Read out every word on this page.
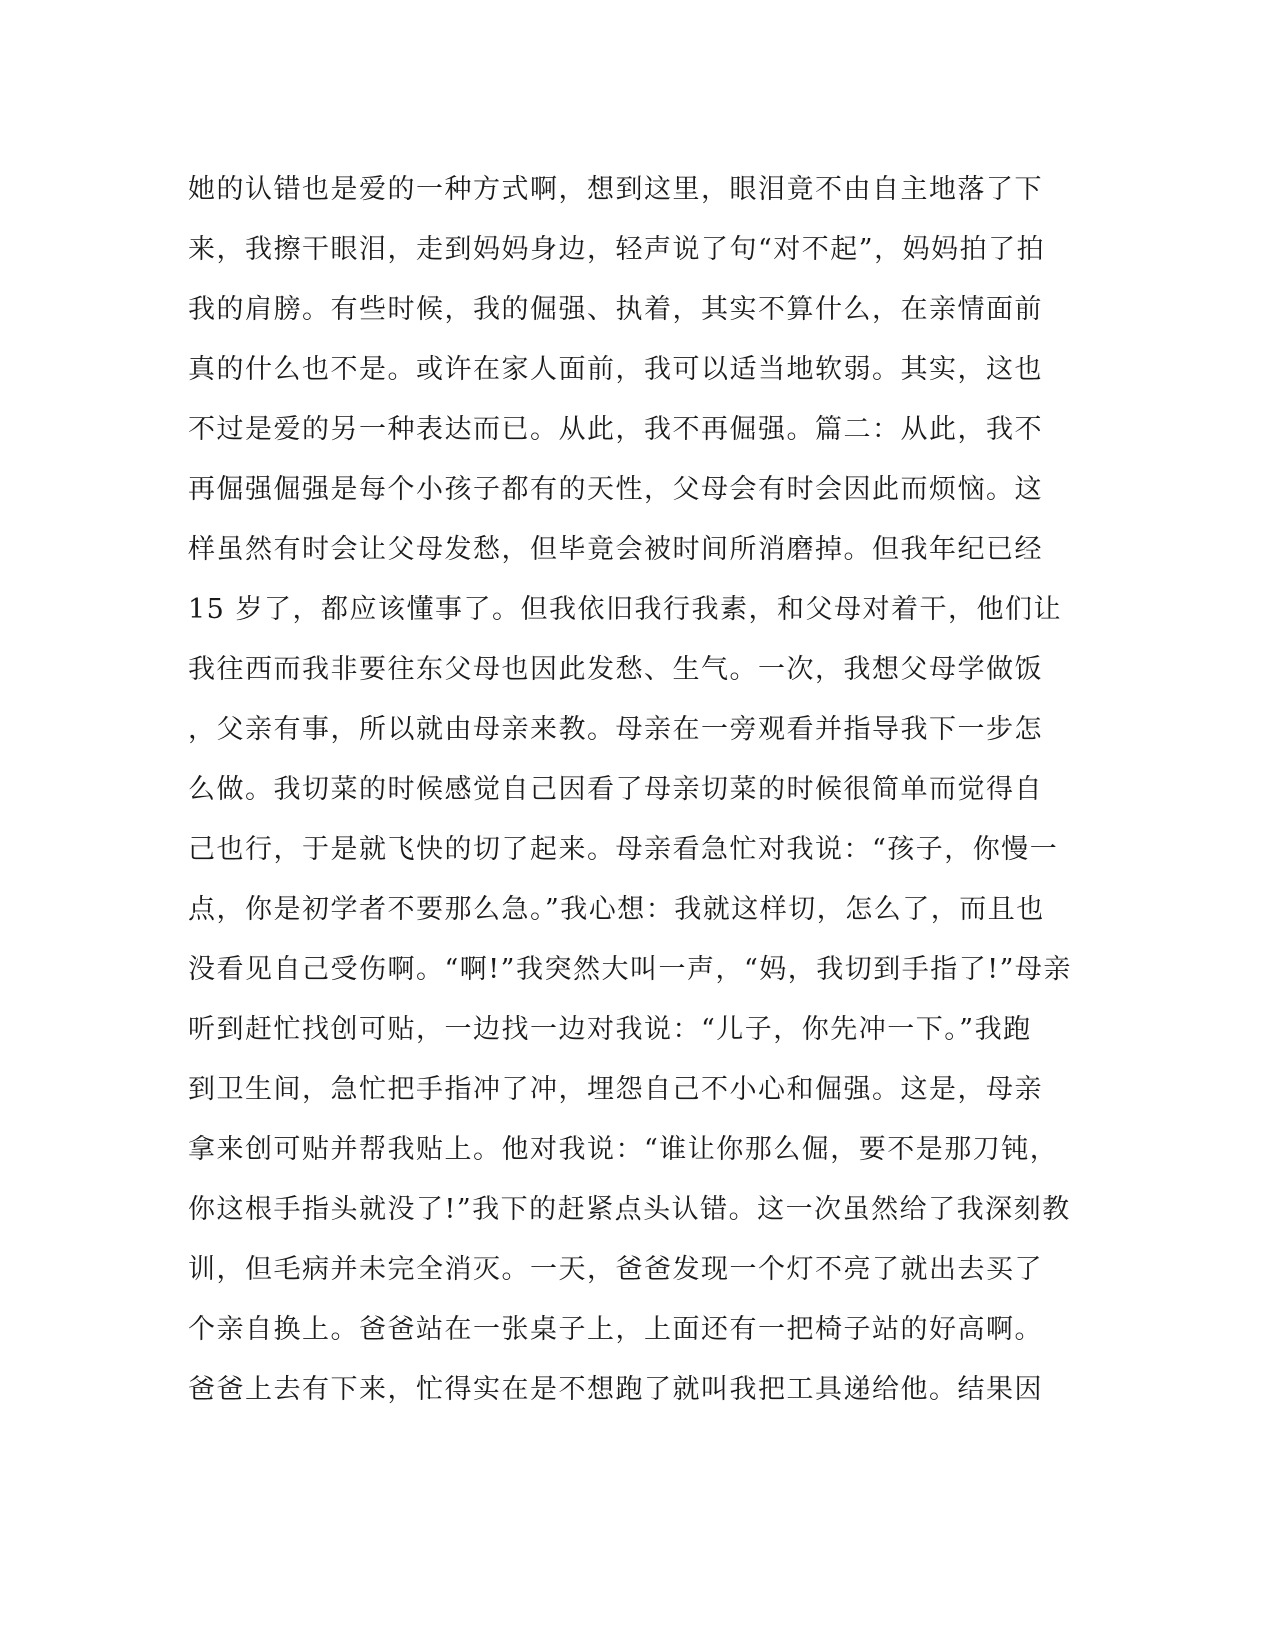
她的认错也是爱的一种方式啊，想到这里，眼泪竟不由自主地落了下
来，我擦干眼泪，走到妈妈身边，轻声说了句“对不起”，妈妈拍了拍
我的肩膀。有些时候，我的倔强、执着，其实不算什么，在亲情面前
真的什么也不是。或许在家人面前，我可以适当地软弱。其实，这也
不过是爱的另一种表达而已。从此，我不再倔强。篇二：从此，我不
再倔强倔强是每个小孩子都有的天性，父母会有时会因此而烦恼。这
样虽然有时会让父母发愁，但毕竟会被时间所消磨掉。但我年纪已经
15 岁了，都应该懂事了。但我依旧我行我素，和父母对着干，他们让
我往西而我非要往东父母也因此发愁、生气。一次，我想父母学做饭
，父亲有事，所以就由母亲来教。母亲在一旁观看并指导我下一步怎
么做。我切菜的时候感觉自己因看了母亲切菜的时候很简单而觉得自
己也行，于是就飞快的切了起来。母亲看急忙对我说：“孩子，你慢一
点，你是初学者不要那么急。”我心想：我就这样切，怎么了，而且也
没看见自己受伤啊。“啊!”我突然大叫一声，“妈，我切到手指了!”母亲
听到赶忙找创可贴，一边找一边对我说：“儿子，你先冲一下。”我跑
到卫生间，急忙把手指冲了冲，埋怨自己不小心和倔强。这是，母亲
拿来创可贴并帮我贴上。他对我说：“谁让你那么倔，要不是那刀钝，
你这根手指头就没了!”我下的赶紧点头认错。这一次虽然给了我深刻教
训，但毛病并未完全消灭。一天，爸爸发现一个灯不亮了就出去买了
个亲自换上。爸爸站在一张桌子上，上面还有一把椅子站的好高啊。
爸爸上去有下来，忙得实在是不想跑了就叫我把工具递给他。结果因
